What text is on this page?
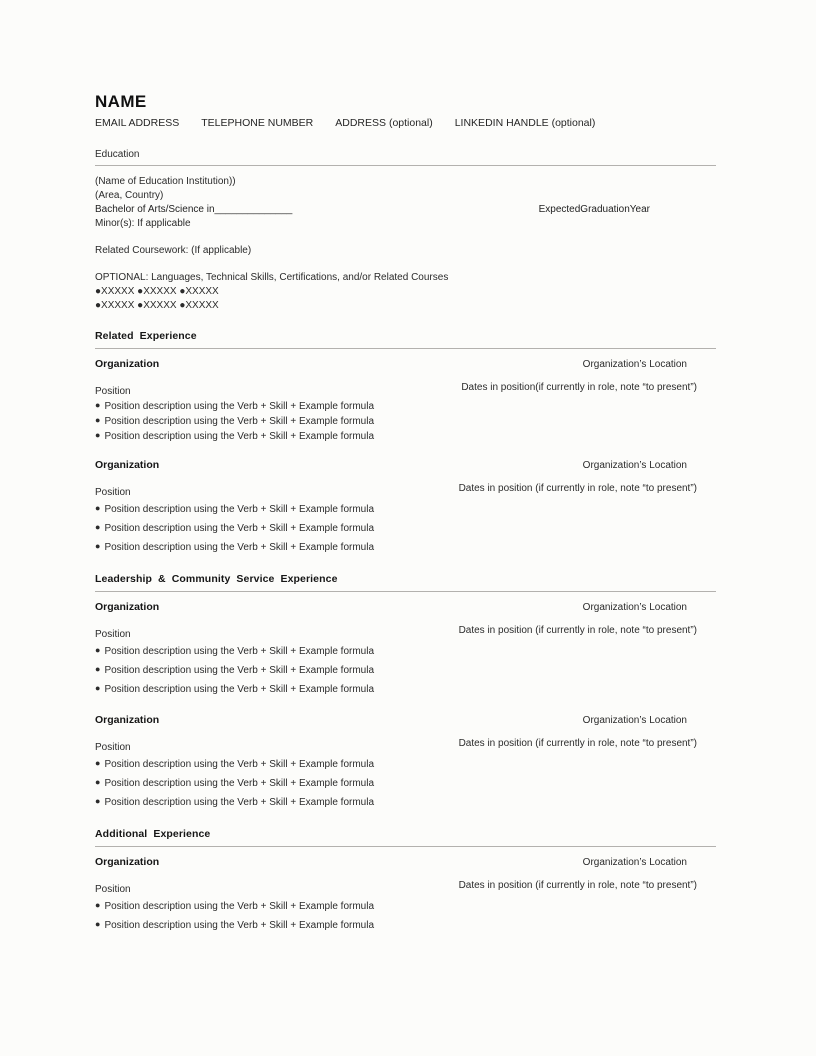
NAME
EMAIL ADDRESS TELEPHONE NUMBER ADDRESS (optional) LINKEDIN HANDLE (optional)
Education

(Name of Education Institution))

(Area, Country)

Bachelor of Arts/Science in______________	ExpectedGraduationYear

Minor(s): If applicable

Related Coursework: (If applicable)

OPTIONAL: Languages, Technical Skills, Certifications, and/or Related Courses

●XXXXX ●XXXXX ●XXXXX

●XXXXX ●XXXXX ●XXXXX

Related Experience
Organization	Organization’s Location
Position	Dates in position(if currently in role, note “to present”)
● Position description using the Verb + Skill + Example formula
● Position description using the Verb + Skill + Example formula
● Position description using the Verb + Skill + Example formula
Organization	Organization’s Location
Position	Dates in position (if currently in role, note “to present”)
● Position description using the Verb + Skill + Example formula
● Position description using the Verb + Skill + Example formula
● Position description using the Verb + Skill + Example formula
Leadership & Community Service Experience
Organization	Organization’s Location
Position	Dates in position (if currently in role, note “to present”)
● Position description using the Verb + Skill + Example formula
● Position description using the Verb + Skill + Example formula
● Position description using the Verb + Skill + Example formula
Organization	Organization’s Location
Position	Dates in position (if currently in role, note “to present”)
● Position description using the Verb + Skill + Example formula
● Position description using the Verb + Skill + Example formula
● Position description using the Verb + Skill + Example formula
Additional Experience
Organization	Organization’s Location
Position	Dates in position (if currently in role, note “to present”)
● Position description using the Verb + Skill + Example formula
● Position description using the Verb + Skill + Example formula
